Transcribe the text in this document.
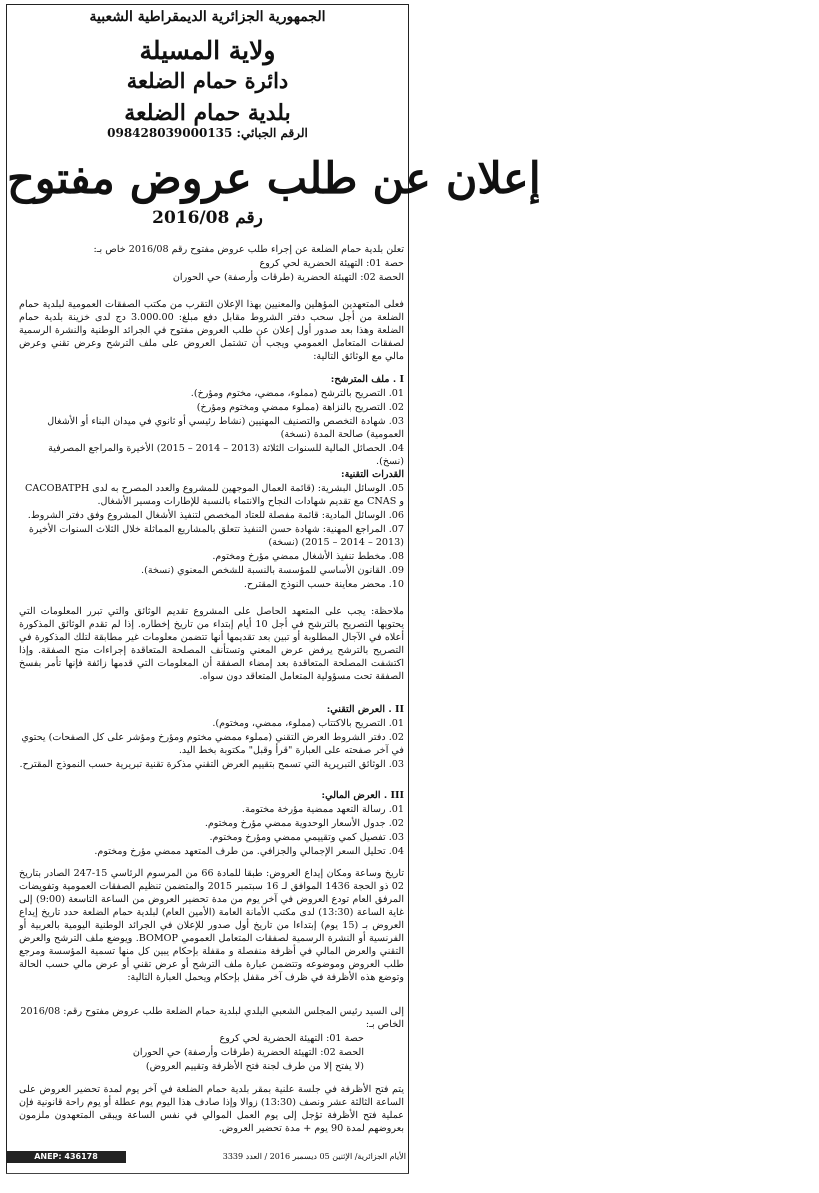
الجمهورية الجزائرية الديمقراطية الشعبية
ولاية المسيلة
دائرة حمام الضلعة
بلدية حمام الضلعة
الرقم الجبائي: 098428039000135
إعلان عن طلب عروض مفتوح
رقم 2016/08

تعلن بلدية حمام الضلعة عن إجراء طلب عروض مفتوح رقم 2016/08 خاص بـ:

حصة 01: التهيئة الحضرية لحي كروع

الحصة 02: التهيئة الحضرية (طرقات وأرصفة) حي الحوران

فعلى المتعهدين المؤهلين والمعنيين بهذا الإعلان التقرب من مكتب الصفقات العمومية لبلدية حمام الضلعة من أجل سحب دفتر الشروط مقابل دفع مبلغ: 3.000.00 دج لدى خزينة بلدية حمام الضلعة وهذا بعد صدور أول إعلان عن طلب العروض مفتوح في الجرائد الوطنية والنشرة الرسمية لصفقات المتعامل العمومي ويجب أن تشتمل العروض على ملف الترشح وعرض تقني وعرض مالي مع الوثائق التالية:

I . ملف المترشح:

01. التصريح بالترشح (مملوء، ممضي، مختوم ومؤرخ).

02. التصريح بالنزاهة (مملوء ممضي ومختوم ومؤرخ)

03. شهادة التخصص والتصنيف المهنيين (نشاط رئيسي أو ثانوي في ميدان البناء أو الأشغال العمومية) صالحة المدة (نسخة)

04. الحصائل المالية للسنوات الثلاثة (2013 – 2014 – 2015) الأخيرة والمراجع المصرفية (نسخ).

القدرات التقنية:

05. الوسائل البشرية: (قائمة العمال الموجهين للمشروع والعدد المصرح به لدى CACOBATPH و CNAS مع تقديم شهادات النجاح والانتماء بالنسبة للإطارات ومسير الأشغال.

06. الوسائل المادية: قائمة مفصلة للعتاد المخصص لتنفيذ الأشغال المشروع وفق دفتر الشروط.

07. المراجع المهنية: شهادة حسن التنفيذ تتعلق بالمشاريع المماثلة خلال الثلاث السنوات الأخيرة (2013 – 2014 – 2015) (نسخة)

08. مخطط تنفيذ الأشغال ممضي مؤرخ ومختوم.

09. القانون الأساسي للمؤسسة بالنسبة للشخص المعنوي (نسخة).

10. محضر معاينة حسب النوذج المقترح.

ملاحظة: يجب على المتعهد الحاصل على المشروع تقديم الوثائق والتي تبرر المعلومات التي يحتويها التصريح بالترشح في أجل 10 أيام إبتداء من تاريخ إخطاره. إذا لم تقدم الوثائق المذكورة أعلاه في الآجال المطلوبة أو تبين بعد تقديمها أنها تتضمن معلومات غير مطابقة لتلك المذكورة في التصريح بالترشح يرفض عرض المعني وتستأنف المصلحة المتعاقدة إجراءات منح الصفقة. وإذا اكتشفت المصلحة المتعاقدة بعد إمضاء الصفقة أن المعلومات التي قدمها زائفة فإنها تأمر بفسخ الصفقة تحت مسؤولية المتعامل المتعاقد دون سواه.

II . العرض التقني:

01. التصريح بالاكتتاب (مملوء، ممضي، ومختوم).

02. دفتر الشروط العرض التقني (مملوء ممضي مختوم ومؤرخ ومؤشر على كل الصفحات) يحتوي في آخر صفحته على العبارة "قرأ وقبل" مكتوبة بخط اليد.

03. الوثائق التبريرية التي تسمح بتقييم العرض التقني مذكرة تقنية تبريرية حسب النموذج المقترح.

III . العرض المالي:

01. رسالة التعهد ممضية مؤرخة مختومة.

02. جدول الأسعار الوحدوية ممضي مؤرخ ومختوم.

03. تفصيل كمي وتقييمي ممضي ومؤرخ ومختوم.

04. تحليل السعر الإجمالي والجزافي. من طرف المتعهد ممضي مؤرخ ومختوم.

تاريخ وساعة ومكان إيداع العروض: طبقا للمادة 66 من المرسوم الرئاسي 15-247 الصادر بتاريخ 02 ذو الحجة 1436 الموافق لـ 16 سبتمبر 2015 والمتضمن تنظيم الصفقات العمومية وتفويضات المرفق العام تودع العروض في آخر يوم من مدة تحضير العروض من الساعة التاسعة (9:00) إلى غاية الساعة (13:30) لدى مكتب الأمانة العامة (الأمين العام) لبلدية حمام الضلعة حدد تاريخ إيداع العروض بـ (15 يوم) إبتداءا من تاريخ أول صدور للإعلان في الجرائد الوطنية اليومية بالعربية أو الفرنسية أو النشرة الرسمية لصفقات المتعامل العمومي BOMOP. ويوضع ملف الترشح والعرض التقني والعرض المالي في أظرفة منفصلة و مقفلة بإحكام يبين كل منها تسمية المؤسسة ومرجع طلب العروض وموضوعه وتتضمن عبارة ملف الترشح أو عرض تقني أو عرض مالي حسب الحالة وتوضع هذه الأظرفة في ظرف آخر مقفل بإحكام ويحمل العبارة التالية:

إلى السيد رئيس المجلس الشعبي البلدي لبلدية حمام الضلعة طلب عروض مفتوح رقم: 2016/08 الخاص بـ:

حصة 01: التهيئة الحضرية لحي كروع

الحصة 02: التهيئة الحضرية (طرقات وأرصفة) حي الحوران

(لا يفتح إلا من طرف لجنة فتح الأظرفة وتقييم العروض)

يتم فتح الأظرفة في جلسة علنية بمقر بلدية حمام الضلعة في آخر يوم لمدة تحضير العروض على الساعة الثالثة عشر ونصف (13:30) زوالا وإذا صادف هذا اليوم يوم عطلة أو يوم راحة قانونية فإن عملية فتح الأظرفة تؤجل إلى يوم العمل الموالي في نفس الساعة ويبقى المتعهدون ملزمون بعروضهم لمدة 90 يوم + مدة تحضير العروض.
ANEP: 436178	الأيام الجزائرية/ الإثنين 05 ديسمبر 2016 / العدد 3339
